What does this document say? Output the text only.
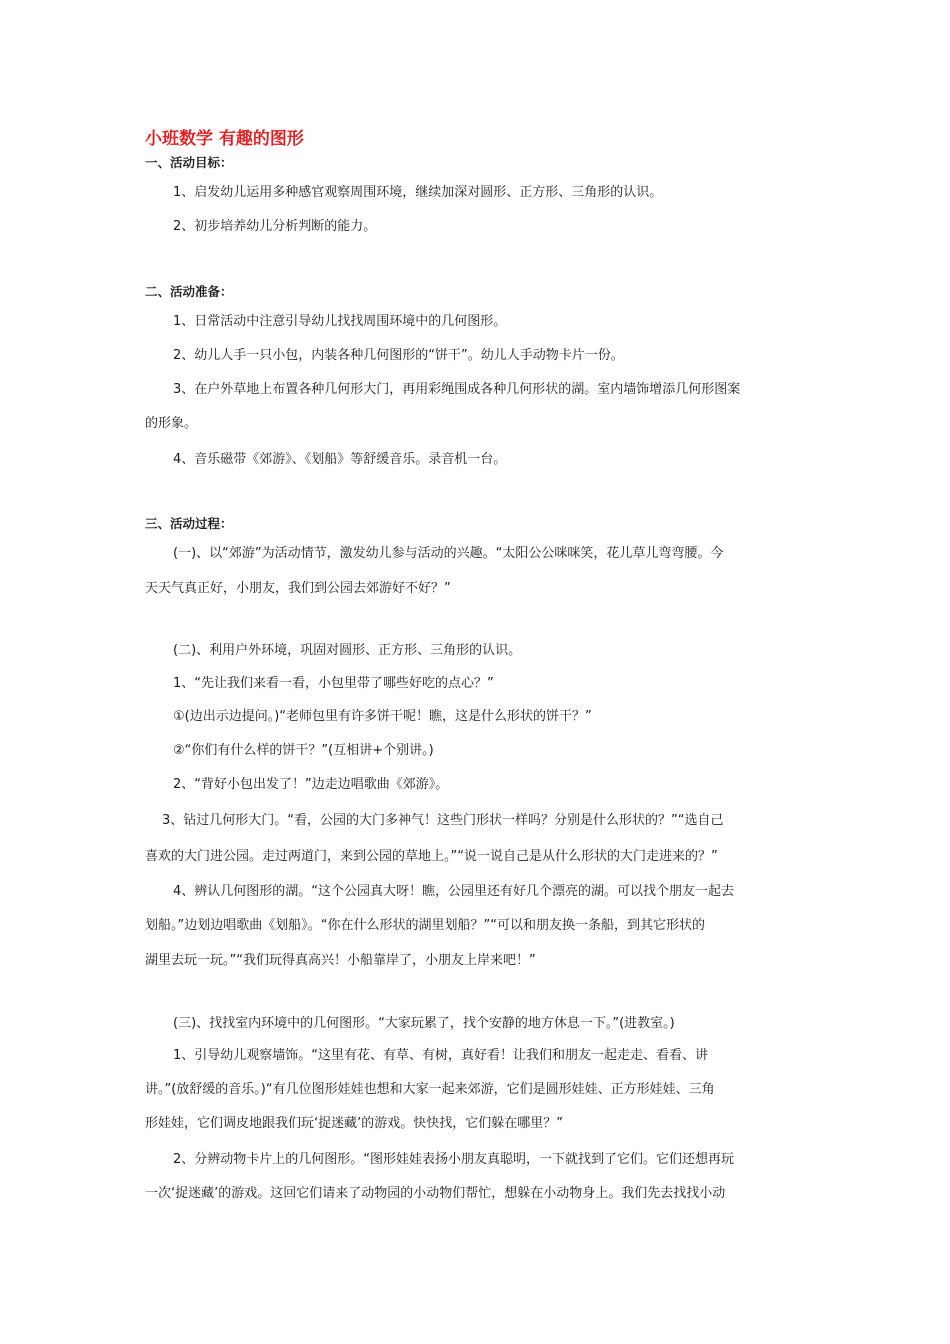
小班数学 有趣的图形
一、活动目标：
1、启发幼儿运用多种感官观察周围环境，继续加深对圆形、正方形、三角形的认识。
2、初步培养幼儿分析判断的能力。
二、活动准备：
1、日常活动中注意引导幼儿找找周围环境中的几何图形。
2、幼儿人手一只小包，内装各种几何图形的“饼干”。幼儿人手动物卡片一份。
3、在户外草地上布置各种几何形大门，再用彩绳围成各种几何形状的湖。室内墙饰增添几何形图案
的形象。
4、音乐磁带《郊游》、《划船》等舒缓音乐。录音机一台。
三、活动过程：
(一)、以“郊游”为活动情节，激发幼儿参与活动的兴趣。“太阳公公咪咪笑，花儿草儿弯弯腰。今
天天气真正好，小朋友，我们到公园去郊游好不好？”
(二)、利用户外环境，巩固对圆形、正方形、三角形的认识。
1、“先让我们来看一看，小包里带了哪些好吃的点心？”
①(边出示边提问。)“老师包里有许多饼干呢！瞧，这是什么形状的饼干？”
②“你们有什么样的饼干？”(互相讲+个别讲。)
2、“背好小包出发了！”边走边唱歌曲《郊游》。
3、钻过几何形大门。“看，公园的大门多神气！这些门形状一样吗？分别是什么形状的？”“选自己
喜欢的大门进公园。走过两道门，来到公园的草地上。”“说一说自己是从什么形状的大门走进来的？”
4、辨认几何图形的湖。“这个公园真大呀！瞧，公园里还有好几个漂亮的湖。可以找个朋友一起去
划船。”边划边唱歌曲《划船》。“你在什么形状的湖里划船？”“可以和朋友换一条船，到其它形状的
湖里去玩一玩。”“我们玩得真高兴！小船靠岸了，小朋友上岸来吧！”
(三)、找找室内环境中的几何图形。“大家玩累了，找个安静的地方休息一下。”(进教室。)
1、引导幼儿观察墙饰。“这里有花、有草、有树，真好看！让我们和朋友一起走走、看看、讲
讲。”(放舒缓的音乐。)“有几位图形娃娃也想和大家一起来郊游，它们是圆形娃娃、正方形娃娃、三角
形娃娃，它们调皮地跟我们玩‘捉迷藏’的游戏。快快找，它们躲在哪里？”
2、分辨动物卡片上的几何图形。“图形娃娃表扬小朋友真聪明，一下就找到了它们。它们还想再玩
一次‘捉迷藏’的游戏。这回它们请来了动物园的小动物们帮忙，想躲在小动物身上。我们先去找找小动
